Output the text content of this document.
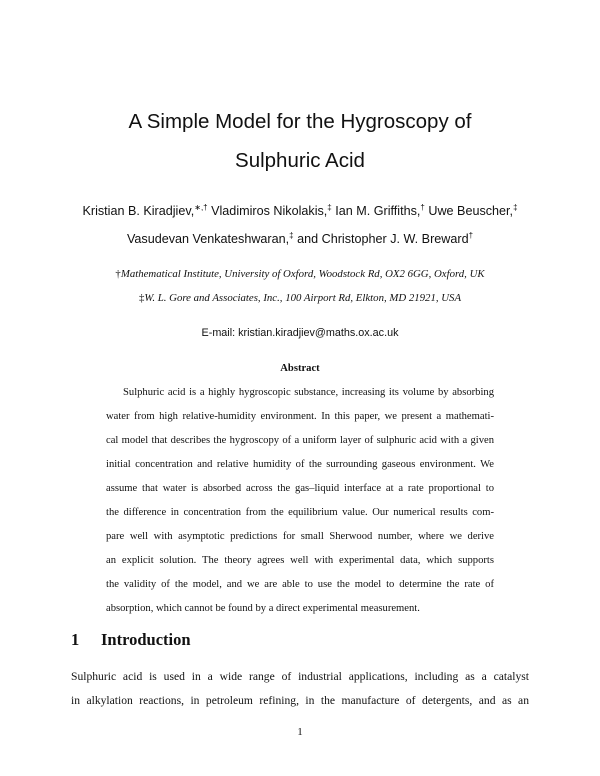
A Simple Model for the Hygroscopy of
Sulphuric Acid
Kristian B. Kiradjiev,∗,† Vladimiros Nikolakis,‡ Ian M. Griffiths,† Uwe Beuscher,‡
Vasudevan Venkateshwaran,‡ and Christopher J. W. Breward†
†Mathematical Institute, University of Oxford, Woodstock Rd, OX2 6GG, Oxford, UK
‡W. L. Gore and Associates, Inc., 100 Airport Rd, Elkton, MD 21921, USA
E-mail: kristian.kiradjiev@maths.ox.ac.uk
Abstract
Sulphuric acid is a highly hygroscopic substance, increasing its volume by absorbing
water from high relative-humidity environment. In this paper, we present a mathemati-
cal model that describes the hygroscopy of a uniform layer of sulphuric acid with a given
initial concentration and relative humidity of the surrounding gaseous environment. We
assume that water is absorbed across the gas–liquid interface at a rate proportional to
the difference in concentration from the equilibrium value. Our numerical results com-
pare well with asymptotic predictions for small Sherwood number, where we derive
an explicit solution. The theory agrees well with experimental data, which supports
the validity of the model, and we are able to use the model to determine the rate of
absorption, which cannot be found by a direct experimental measurement.
1 Introduction
Sulphuric acid is used in a wide range of industrial applications, including as a catalyst
in alkylation reactions, in petroleum refining, in the manufacture of detergents, and as an
1
